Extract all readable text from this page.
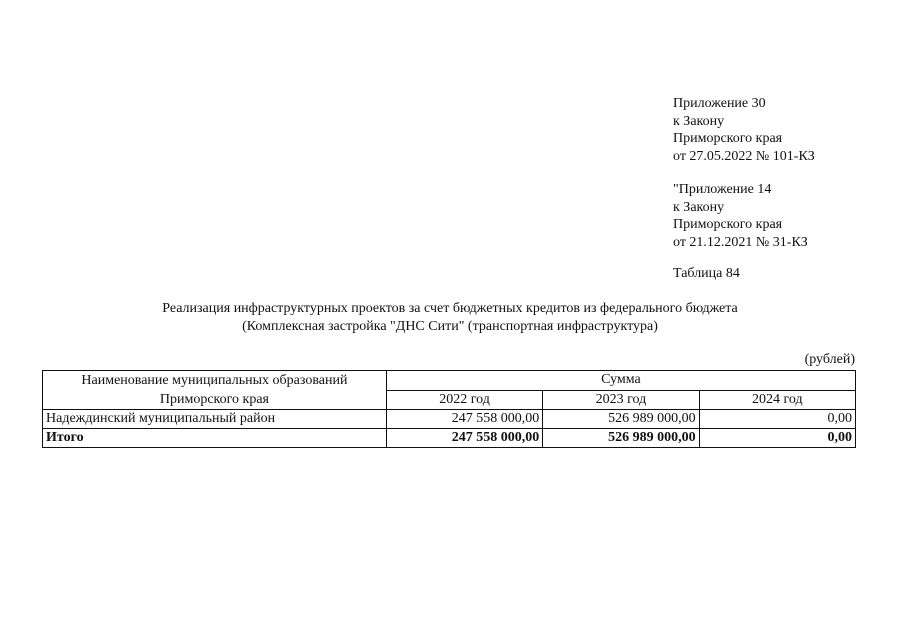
Приложение 30
к Закону
Приморского края
от 27.05.2022 № 101-КЗ
"Приложение 14
к Закону
Приморского края
от 21.12.2021 № 31-КЗ
Таблица 84
Реализация инфраструктурных проектов за счет бюджетных кредитов из федерального бюджета
(Комплексная застройка "ДНС Сити" (транспортная инфраструктура)
(рублей)
Наименование муниципальных образований
Приморского края	Сумма		
	2022 год	2023 год	2024 год
Надеждинский муниципальный район	247 558 000,00	526 989 000,00	0,00
Итого	247 558 000,00	526 989 000,00	0,00
